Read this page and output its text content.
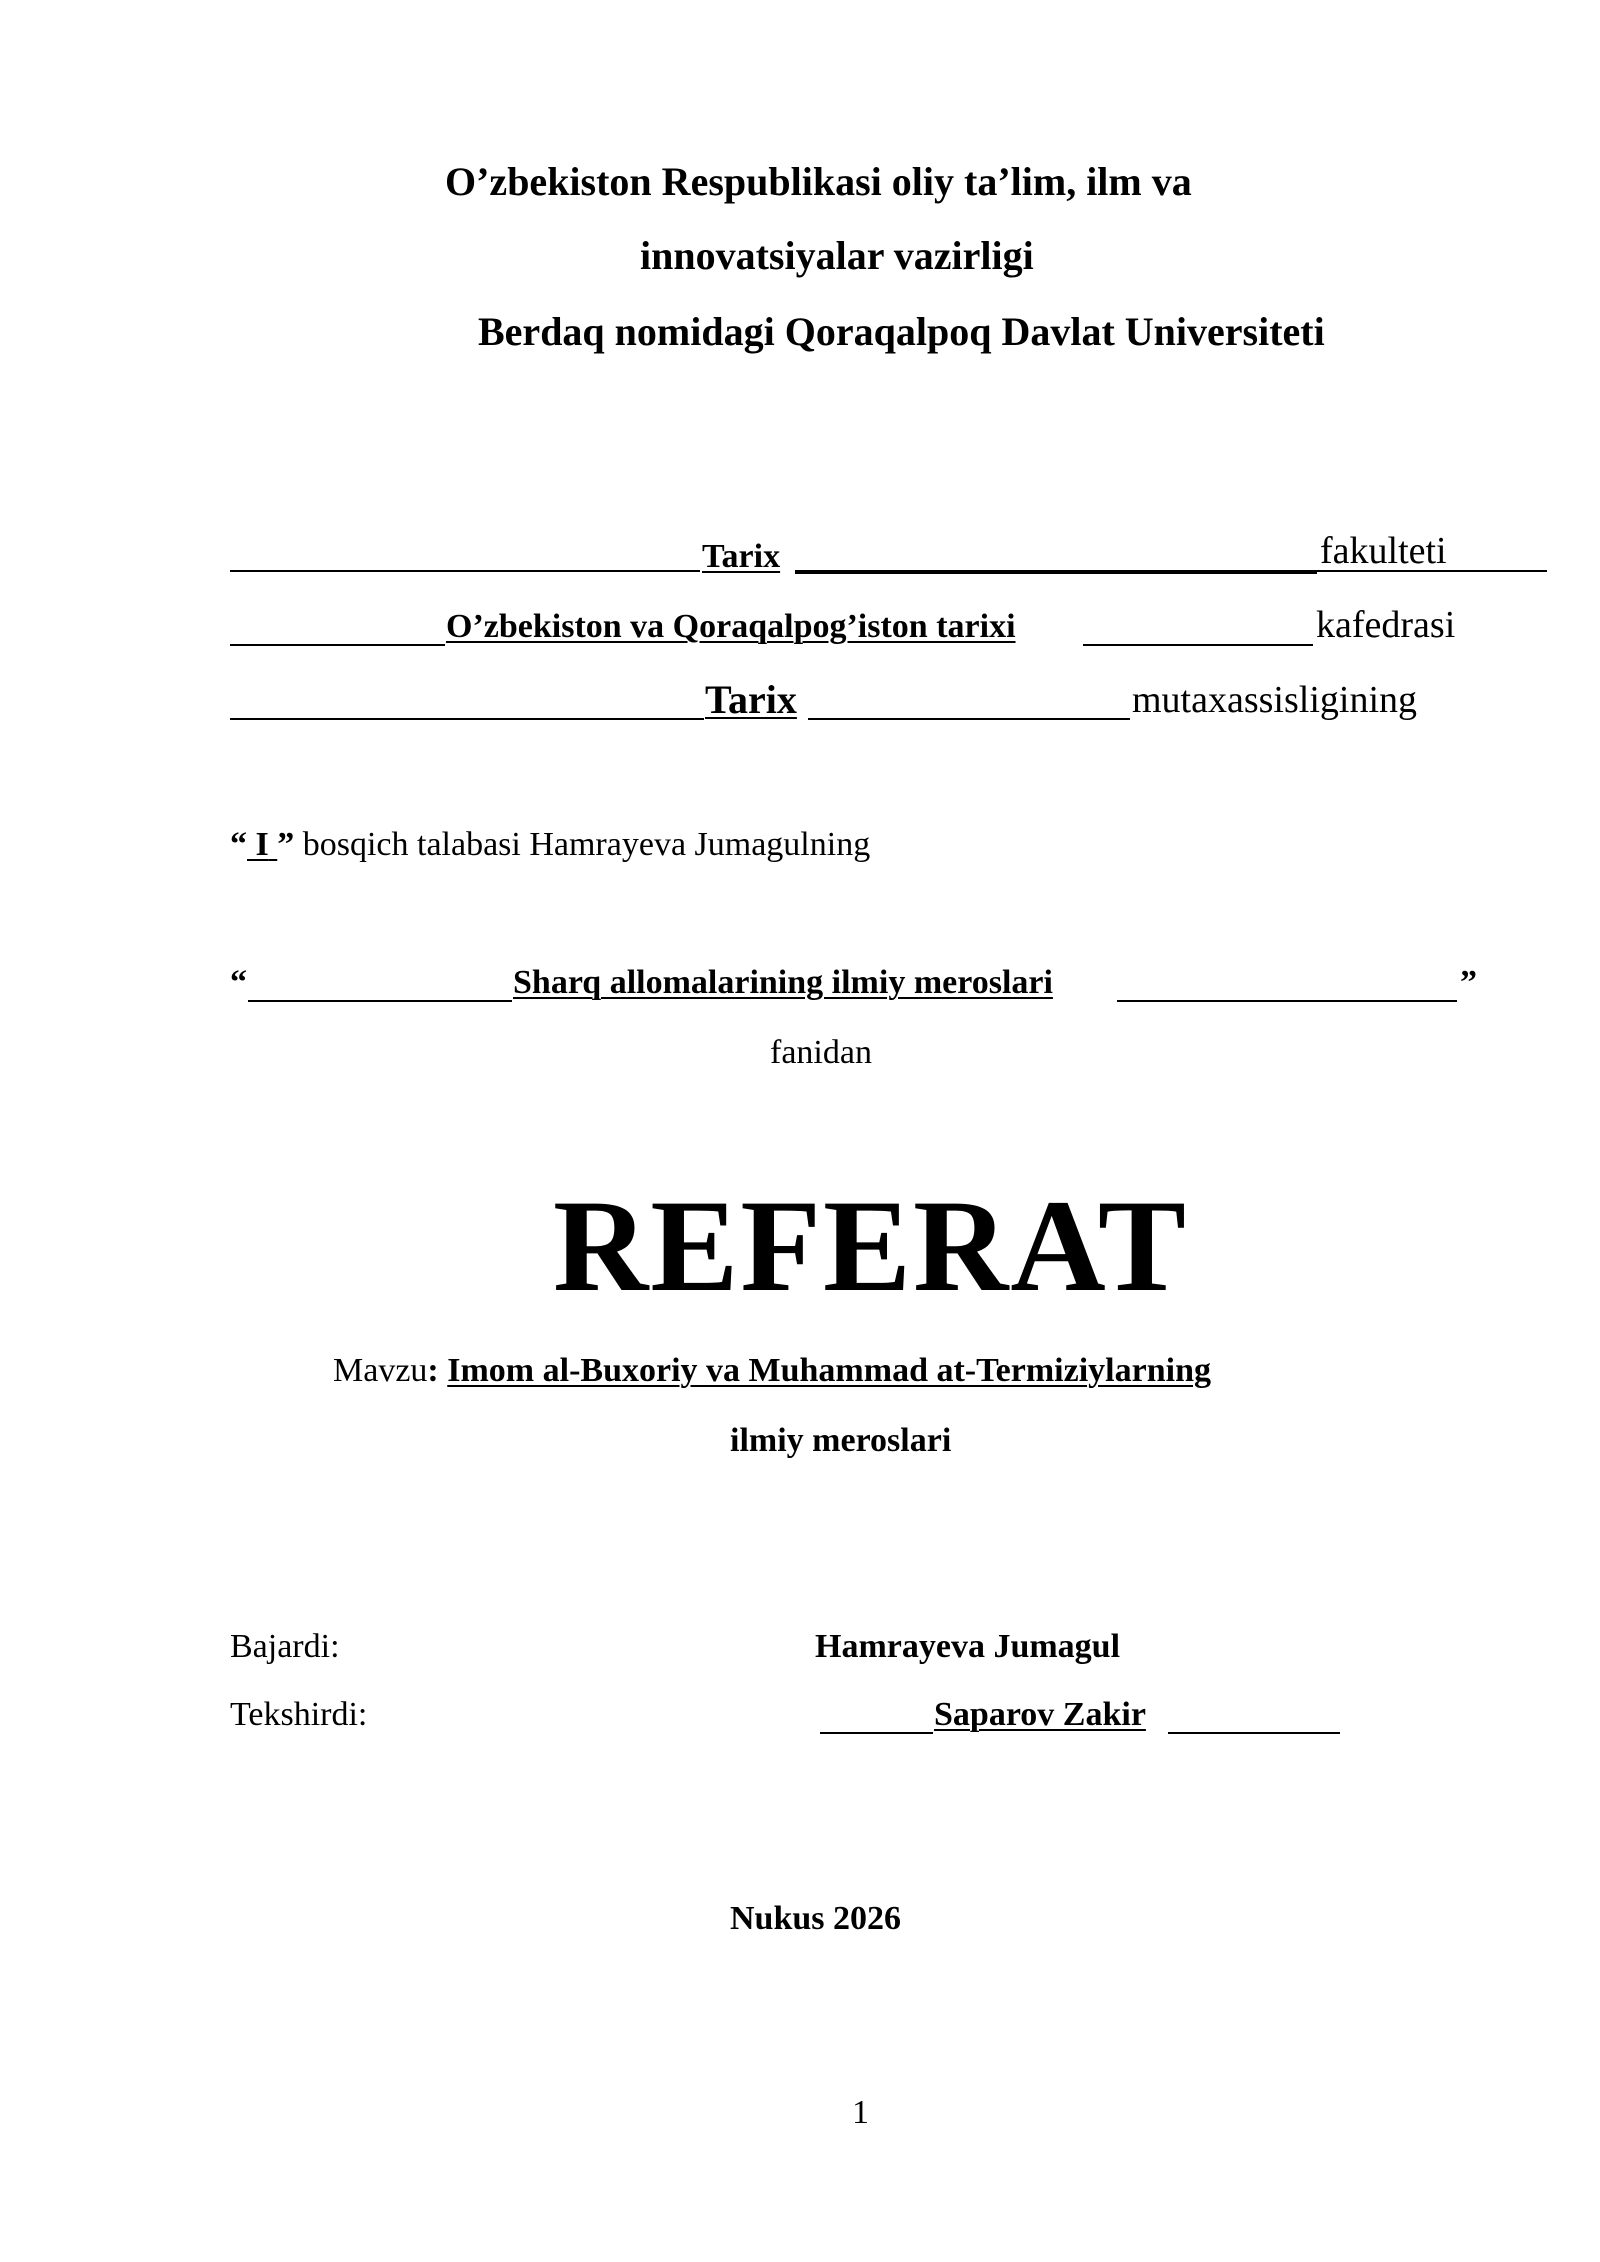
O’zbekiston Respublikasi oliy ta’lim, ilm va
innovatsiyalar vazirligi
Berdaq nomidagi Qoraqalpoq Davlat Universiteti
Tarix	fakulteti
O’zbekiston va Qoraqalpog’iston tarixi	kafedrasi
Tarix	mutaxassisligining
“ I ” bosqich talabasi Hamrayeva Jumagulning
“	Sharq allomalarining ilmiy meroslari	”
fanidan
REFERAT
Mavzu: Imom al-Buxoriy va Muhammad at-Termiziylarning
ilmiy meroslari
Bajardi:	Hamrayeva Jumagul
Tekshirdi:	Saparov Zakir
Nukus 2026
1
